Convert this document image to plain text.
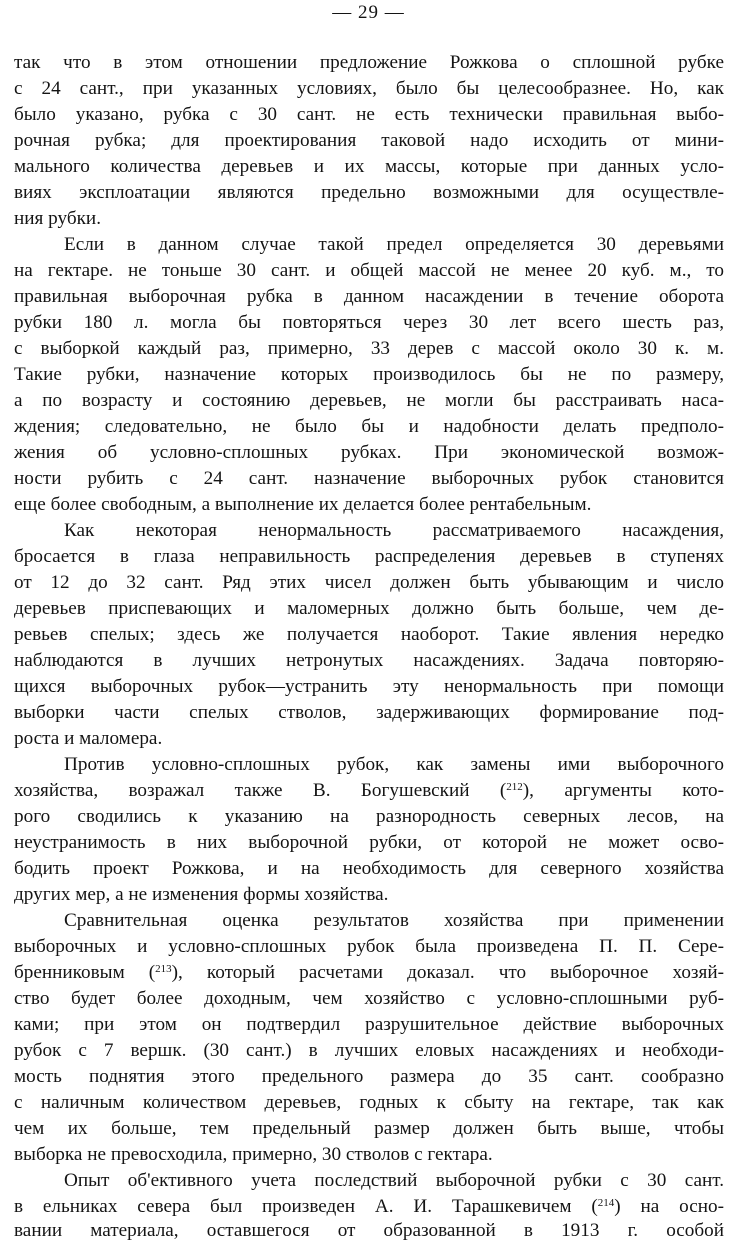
— 29 —
так что в этом отношении предложение Рожкова о сплошной рубке
с 24 сант., при указанных условиях, было бы целесообразнее. Но, как
было указано, рубка с 30 сант. не есть технически правильная выбо-
рочная рубка; для проектирования таковой надо исходить от мини-
мального количества деревьев и их массы, которые при данных усло-
виях эксплоатации являются предельно возможными для осуществле-
ния рубки.
Если в данном случае такой предел определяется 30 деревьями
на гектаре. не тоньше 30 сант. и общей массой не менее 20 куб. м., то
правильная выборочная рубка в данном насаждении в течение оборота
рубки 180 л. могла бы повторяться через 30 лет всего шесть раз,
с выборкой каждый раз, примерно, 33 дерев с массой около 30 к. м.
Такие рубки, назначение которых производилось бы не по размеру,
а по возрасту и состоянию деревьев, не могли бы расстраивать наса-
ждения; следовательно, не было бы и надобности делать предполо-
жения об условно-сплошных рубках. При экономической возмож-
ности рубить с 24 сант. назначение выборочных рубок становится
еще более свободным, а выполнение их делается более рентабельным.
Как некоторая ненормальность рассматриваемого насаждения,
бросается в глаза неправильность распределения деревьев в ступенях
от 12 до 32 сант. Ряд этих чисел должен быть убывающим и число
деревьев приспевающих и маломерных должно быть больше, чем де-
ревьев спелых; здесь же получается наоборот. Такие явления нередко
наблюдаются в лучших нетронутых насаждениях. Задача повторяю-
щихся выборочных рубок—устранить эту ненормальность при помощи
выборки части спелых стволов, задерживающих формирование под-
роста и маломера.
Против условно-сплошных рубок, как замены ими выборочного
хозяйства, возражал также В. Богушевский ($^{212}$), аргументы кото-
рого сводились к указанию на разнородность северных лесов, на
неустранимость в них выборочной рубки, от которой не может осво-
бодить проект Рожкова, и на необходимость для северного хозяйства
других мер, а не изменения формы хозяйства.
Сравнительная оценка результатов хозяйства при применении
выборочных и условно-сплошных рубок была произведена П. П. Сере-
бренниковым ($^{213}$), который расчетами доказал. что выборочное хозяй-
ство будет более доходным, чем хозяйство с условно-сплошными руб-
ками; при этом он подтвердил разрушительное действие выборочных
рубок с 7 вершк. (30 сант.) в лучших еловых насаждениях и необходи-
мость поднятия этого предельного размера до 35 сант. сообразно
с наличным количеством деревьев, годных к сбыту на гектаре, так как
чем их больше, тем предельный размер должен быть выше, чтобы
выборка не превосходила, примерно, 30 стволов с гектара.
Опыт об'ективного учета последствий выборочной рубки с 30 сант.
в ельниках севера был произведен А. И. Тарашкевичем ($^{214}$) на осно-
вании материала, оставшегося от образованной в 1913 г. особой
